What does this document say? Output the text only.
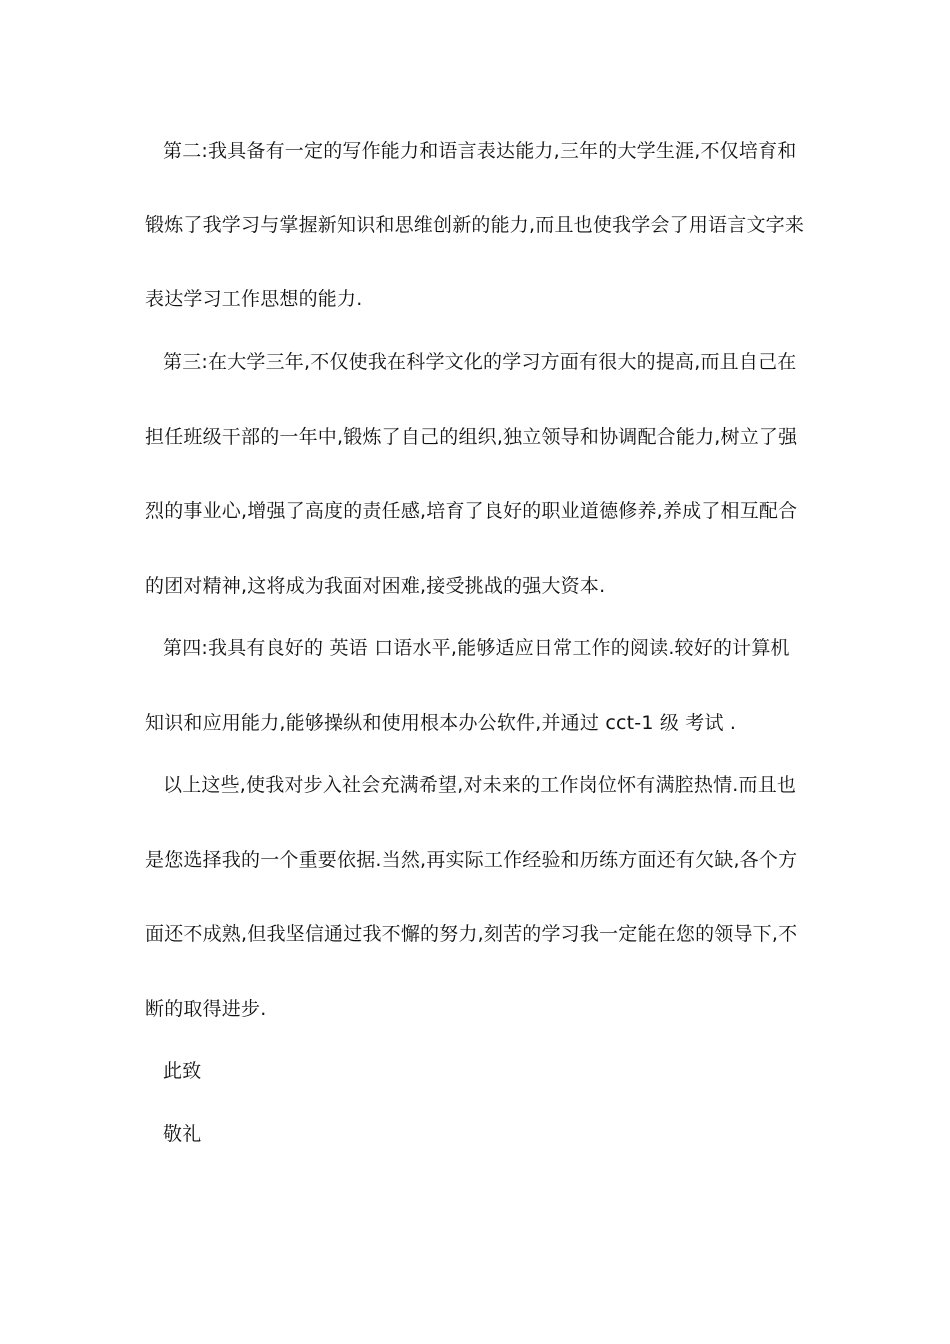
第二:我具备有一定的写作能力和语言表达能力,三年的大学生涯,不仅培育和
锻炼了我学习与掌握新知识和思维创新的能力,而且也使我学会了用语言文字来
表达学习工作思想的能力.
第三:在大学三年,不仅使我在科学文化的学习方面有很大的提高,而且自己在
担任班级干部的一年中,锻炼了自己的组织,独立领导和协调配合能力,树立了强
烈的事业心,增强了高度的责任感,培育了良好的职业道德修养,养成了相互配合
的团对精神,这将成为我面对困难,接受挑战的强大资本.
第四:我具有良好的 英语 口语水平,能够适应日常工作的阅读.较好的计算机
知识和应用能力,能够操纵和使用根本办公软件,并通过 cct-1 级 考试 .
以上这些,使我对步入社会充满希望,对未来的工作岗位怀有满腔热情.而且也
是您选择我的一个重要依据.当然,再实际工作经验和历练方面还有欠缺,各个方
面还不成熟,但我坚信通过我不懈的努力,刻苦的学习我一定能在您的领导下,不
断的取得进步.
此致
敬礼
